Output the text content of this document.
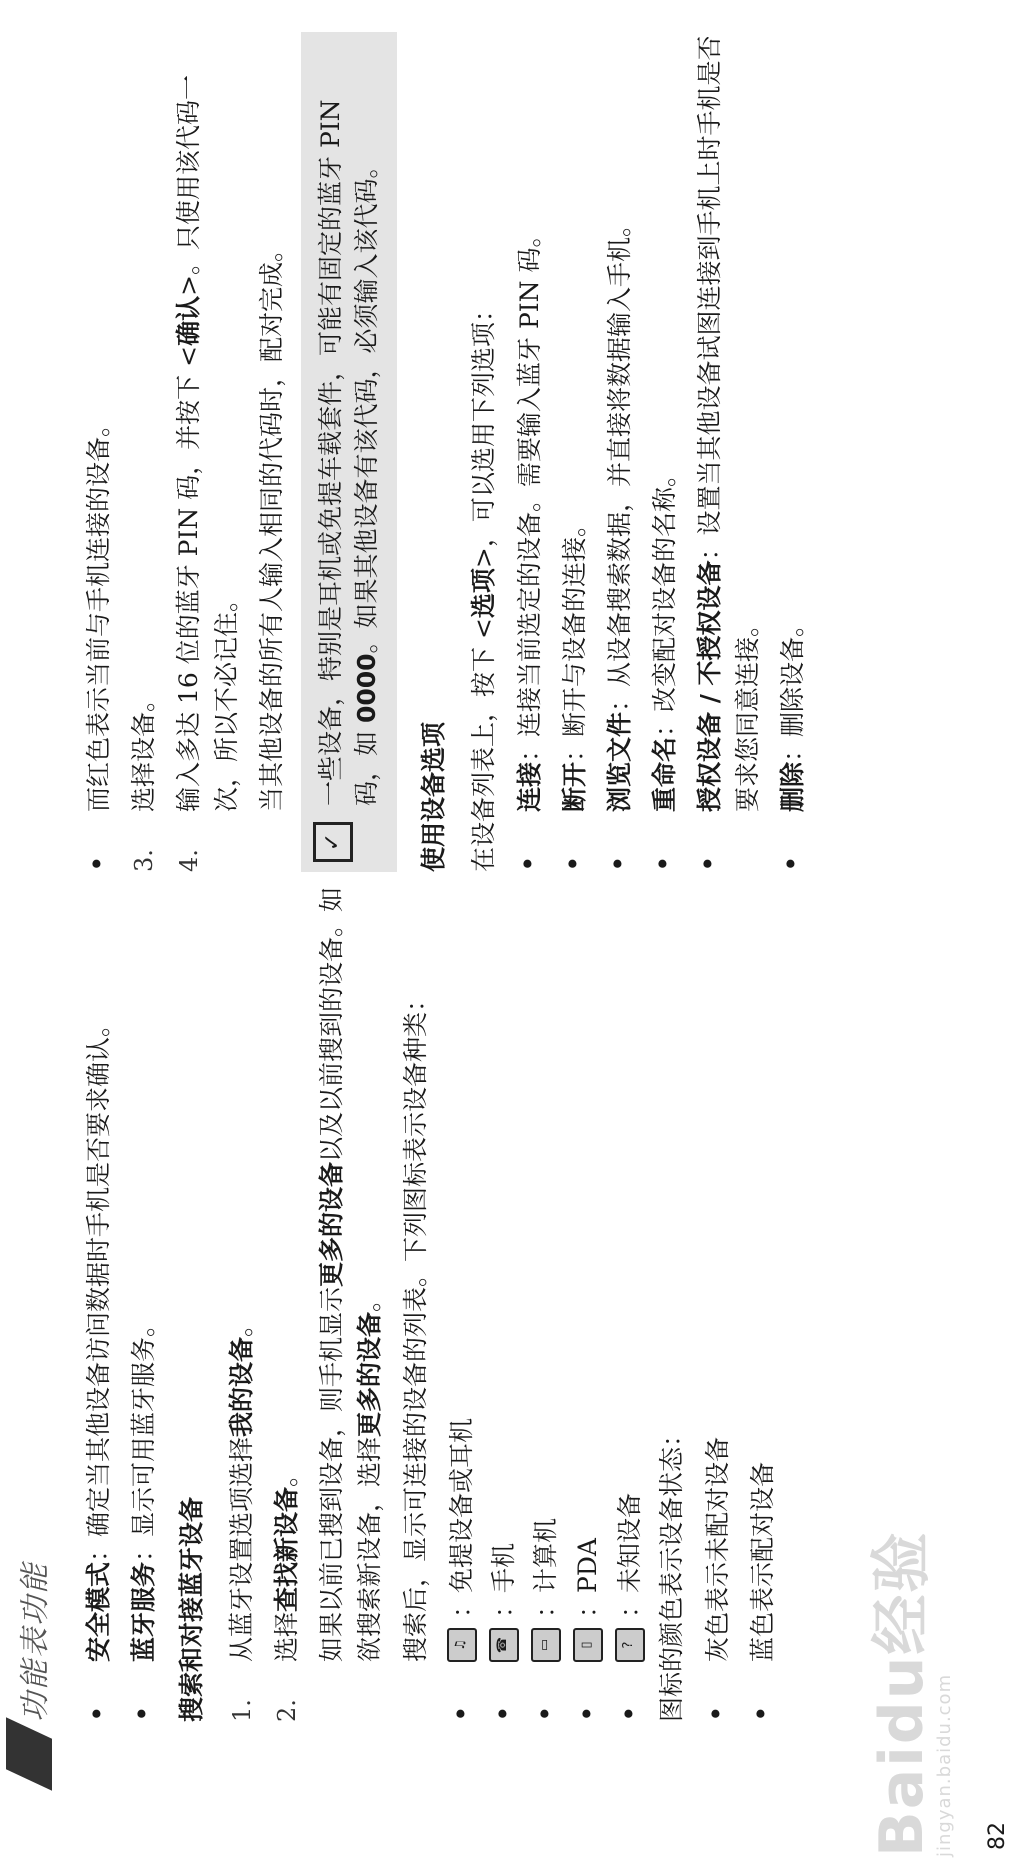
功能表功能 •
安全模式：确定当其他设备访问数据时手机是否要求确认。
•
蓝牙服务：显示可用蓝牙服务。
搜索和对接蓝牙设备 1.
从蓝牙设置选项选择我的设备。
2.
选择查找新设备。 如果以前已搜到设备，则手机显示更多的设备以及以前搜到的设备。如欲搜索新设备，选择更多的设备。 搜索后，显示可连接的设备的列表。下列图标表示设备种类：
•
♫
：免提设备或耳机
•
☎
：手机
•
▭
：计算机
•
▯
：PDA
•
?
：未知设备 图标的颜色表示设备状态： •
灰色表示未配对设备
•
蓝色表示配对设备
•
而红色表示当前与手机连接的设备。
3.
选择设备。
4.
输入多达 16 位的蓝牙 PIN 码，并按下 <确认>。只使用该代码一次，所以不必记住。 当其他设备的所有人输入相同的代码时，配对完成。
✓
一些设备，特别是耳机或免提车载套件，可能有固定的蓝牙 PIN 码，如 0000。如果其他设备有该代码，必须输入该代码。
使用设备选项 在设备列表上，按下 <选项>，可以选用下列选项：
•
连接：连接当前选定的设备。需要输入蓝牙 PIN 码。
•
断开：断开与设备的连接。
•
浏览文件：从设备搜索数据，并直接将数据输入手机。
•
重命名：改变配对设备的名称。
•
授权设备 / 不授权设备：设置当其他设备试图连接到手机上时手机是否要求您同意连接。
•
删除：删除设备。
82
Baidu经验
jingyan.baidu.com
